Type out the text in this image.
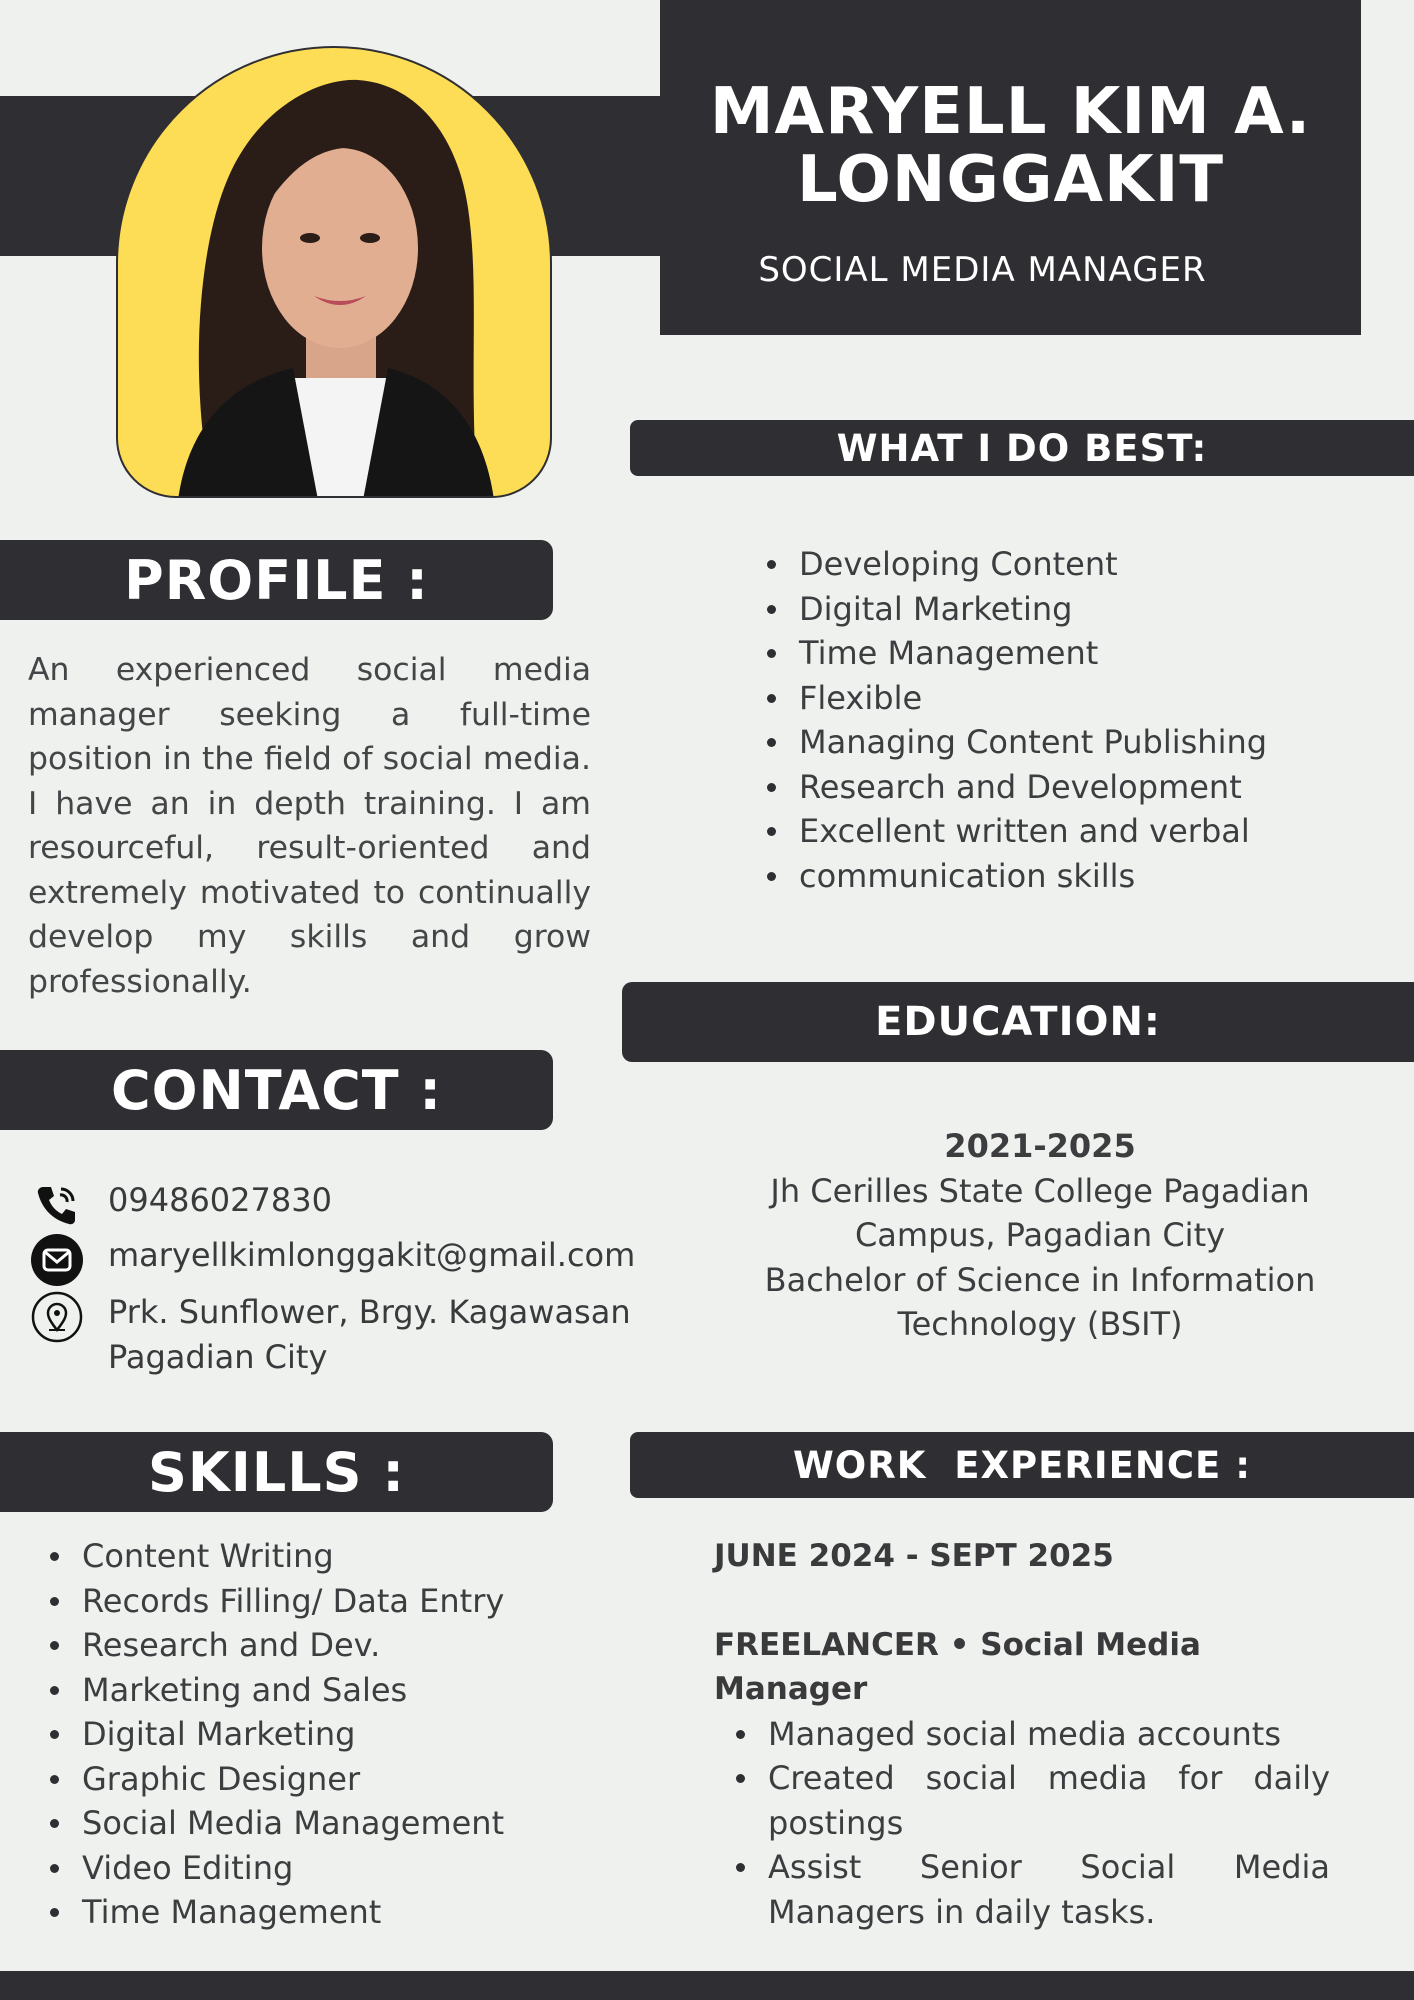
MARYELL KIM A.
LONGGAKIT
SOCIAL MEDIA MANAGER
PROFILE :
An experienced social media manager seeking a full-time position in the field of social media. I have an in depth training. I am resourceful, result-oriented and extremely motivated to continually develop my skills and grow professionally.
CONTACT :
09486027830
maryellkimlonggakit@gmail.com
Prk. Sunflower, Brgy. Kagawasan
Pagadian City
SKILLS :
Content Writing
Records Filling/ Data Entry
Research and Dev.
Marketing and Sales
Digital Marketing
Graphic Designer
Social Media Management
Video Editing
Time Management
WHAT I DO BEST:
Developing Content
Digital Marketing
Time Management
Flexible
Managing Content Publishing
Research and Development
Excellent written and verbal
communication skills
EDUCATION:
2021-2025
Jh Cerilles State College Pagadian
Campus, Pagadian City
Bachelor of Science in Information
Technology (BSIT)
WORK  EXPERIENCE :
JUNE 2024 - SEPT 2025
FREELANCER • Social Media Manager
Managed social media accounts
Created social media for daily postings
Assist Senior Social Media Managers in daily tasks.
